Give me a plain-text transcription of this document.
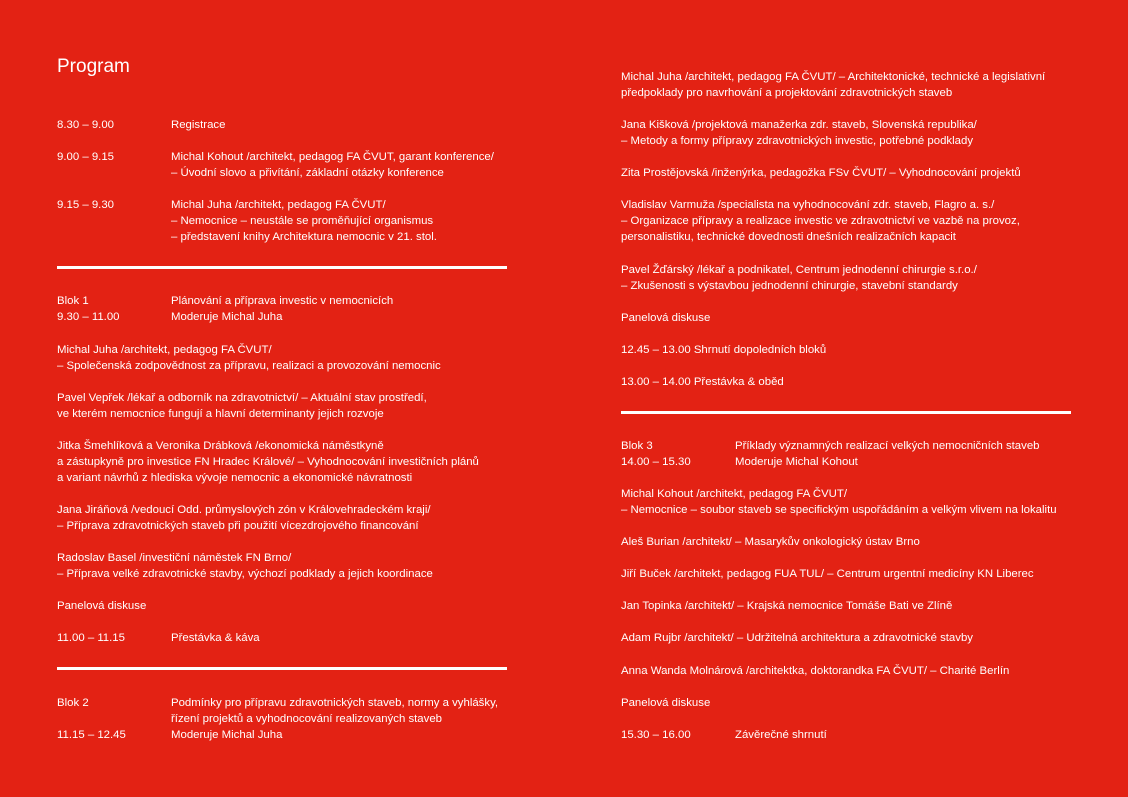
Program
8.30 – 9.00	Registrace
9.00 – 9.15	Michal Kohout /architekt, pedagog FA ČVUT, garant konference/
– Úvodní slovo a přivítání, základní otázky konference
9.15 – 9.30	Michal Juha /architekt, pedagog FA ČVUT/
– Nemocnice – neustále se proměňující organismus
– představení knihy Architektura nemocnic v 21. stol.
Blok 1	Plánování a příprava investic v nemocnicích
9.30 – 11.00	Moderuje Michal Juha
Michal Juha /architekt, pedagog FA ČVUT/
– Společenská zodpovědnost za přípravu, realizaci a provozování nemocnic
Pavel Vepřek /lékař a odborník na zdravotnictví/ – Aktuální stav prostředí,
ve kterém nemocnice fungují a hlavní determinanty jejich rozvoje
Jitka Šmehlíková a Veronika Drábková /ekonomická náměstkyně
a zástupkyně pro investice FN Hradec Králové/ – Vyhodnocování investičních plánů
a variant návrhů z hlediska vývoje nemocnic a ekonomické návratnosti
Jana Jiráňová /vedoucí Odd. průmyslových zón v Královehradeckém kraji/
– Příprava zdravotnických staveb při použití vícezdrojového financování
Radoslav Basel /investiční náměstek FN Brno/
– Příprava velké zdravotnické stavby, výchozí podklady a jejich koordinace
Panelová diskuse
11.00 – 11.15	Přestávka & káva
Blok 2	Podmínky pro přípravu zdravotnických staveb, normy a vyhlášky,
řízení projektů a vyhodnocování realizovaných staveb
11.15 – 12.45	Moderuje Michal Juha
Michal Juha /architekt, pedagog FA ČVUT/ – Architektonické, technické a legislativní
předpoklady pro navrhování a projektování zdravotnických staveb
Jana Kišková /projektová manažerka zdr. staveb, Slovenská republika/
– Metody a formy přípravy zdravotnických investic, potřebné podklady
Zita Prostějovská /inženýrka, pedagožka FSv ČVUT/ – Vyhodnocování projektů
Vladislav Varmuža /specialista na vyhodnocování zdr. staveb, Flagro a. s./
– Organizace přípravy a realizace investic ve zdravotnictví ve vazbě na provoz,
personalistiku, technické dovednosti dnešních realizačních kapacit
Pavel Žďárský /lékař a podnikatel, Centrum jednodenní chirurgie s.r.o./
– Zkušenosti s výstavbou jednodenní chirurgie, stavební standardy
Panelová diskuse
12.45 – 13.00 Shrnutí dopoledních bloků
13.00 – 14.00 Přestávka & oběd
Blok 3	Příklady významných realizací velkých nemocničních staveb
14.00 – 15.30	Moderuje Michal Kohout
Michal Kohout /architekt, pedagog FA ČVUT/
– Nemocnice – soubor staveb se specifickým uspořádáním a velkým vlivem na lokalitu
Aleš Burian /architekt/ – Masarykův onkologický ústav Brno
Jiří Buček /architekt, pedagog FUA TUL/ – Centrum urgentní medicíny KN Liberec
Jan Topinka /architekt/ – Krajská nemocnice Tomáše Bati ve Zlíně
Adam Rujbr /architekt/ – Udržitelná architektura a zdravotnické stavby
Anna Wanda Molnárová /architektka, doktorandka FA ČVUT/ – Charité Berlín
Panelová diskuse
15.30 – 16.00	Závěrečné shrnutí
